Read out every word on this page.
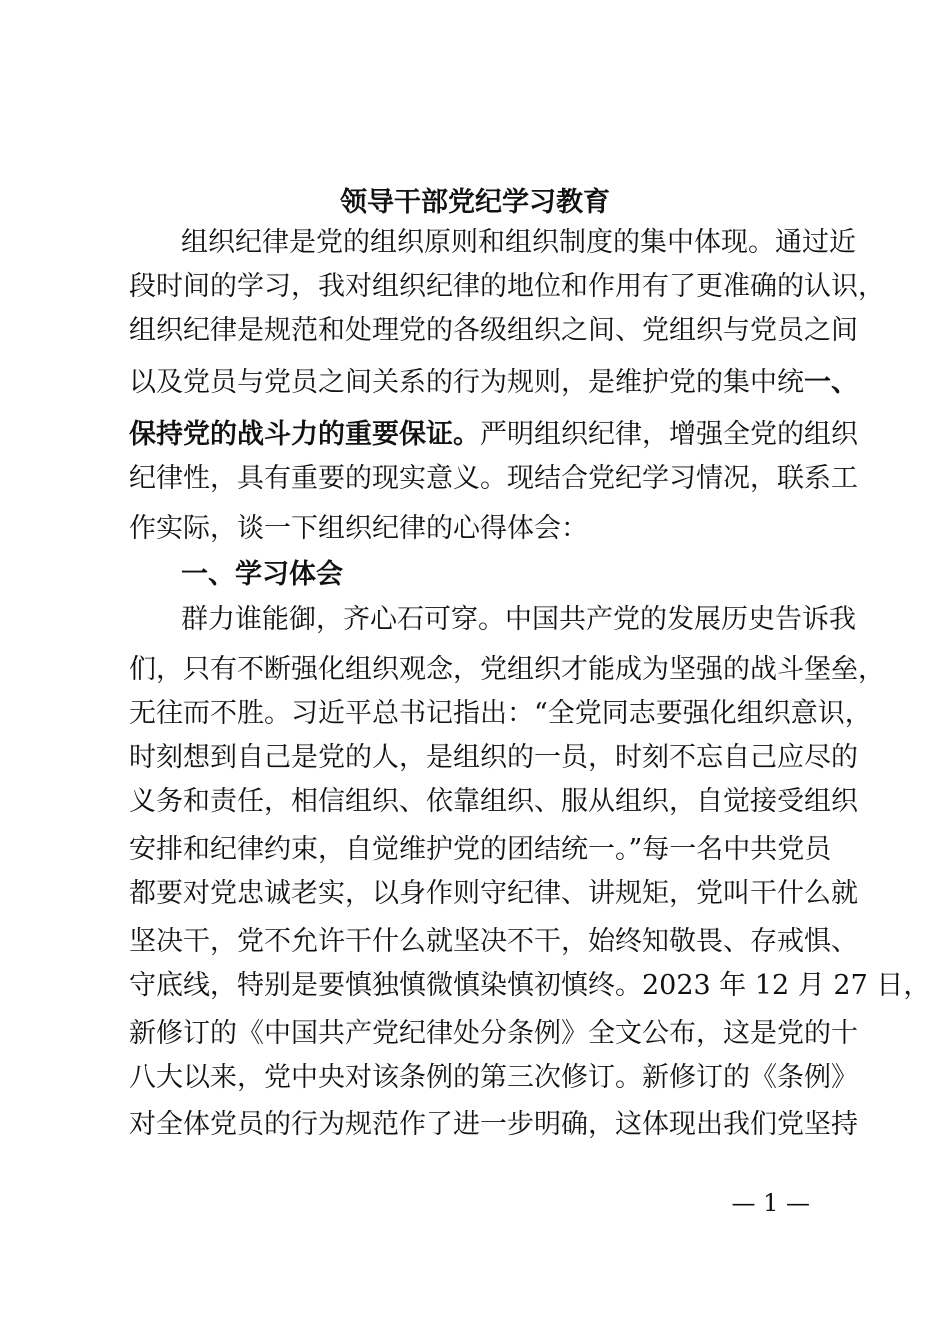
领导干部党纪学习教育
组织纪律是党的组织原则和组织制度的集中体现。通过近
段时间的学习，我对组织纪律的地位和作用有了更准确的认识，
组织纪律是规范和处理党的各级组织之间、党组织与党员之间
以及党员与党员之间关系的行为规则，是维护党的集中统一、
保持党的战斗力的重要保证。严明组织纪律，增强全党的组织
纪律性，具有重要的现实意义。现结合党纪学习情况，联系工
作实际，谈一下组织纪律的心得体会：
一、学习体会
群力谁能御，齐心石可穿。中国共产党的发展历史告诉我
们，只有不断强化组织观念，党组织才能成为坚强的战斗堡垒，
无往而不胜。习近平总书记指出：“全党同志要强化组织意识，
时刻想到自己是党的人，是组织的一员，时刻不忘自己应尽的
义务和责任，相信组织、依靠组织、服从组织，自觉接受组织
安排和纪律约束，自觉维护党的团结统一。”每一名中共党员
都要对党忠诚老实，以身作则守纪律、讲规矩，党叫干什么就
坚决干，党不允许干什么就坚决不干，始终知敬畏、存戒惧、
守底线，特别是要慎独慎微慎染慎初慎终。2023 年 12 月 27 日，
新修订的《中国共产党纪律处分条例》全文公布，这是党的十
八大以来，党中央对该条例的第三次修订。新修订的《条例》
对全体党员的行为规范作了进一步明确，这体现出我们党坚持
— 1 —
